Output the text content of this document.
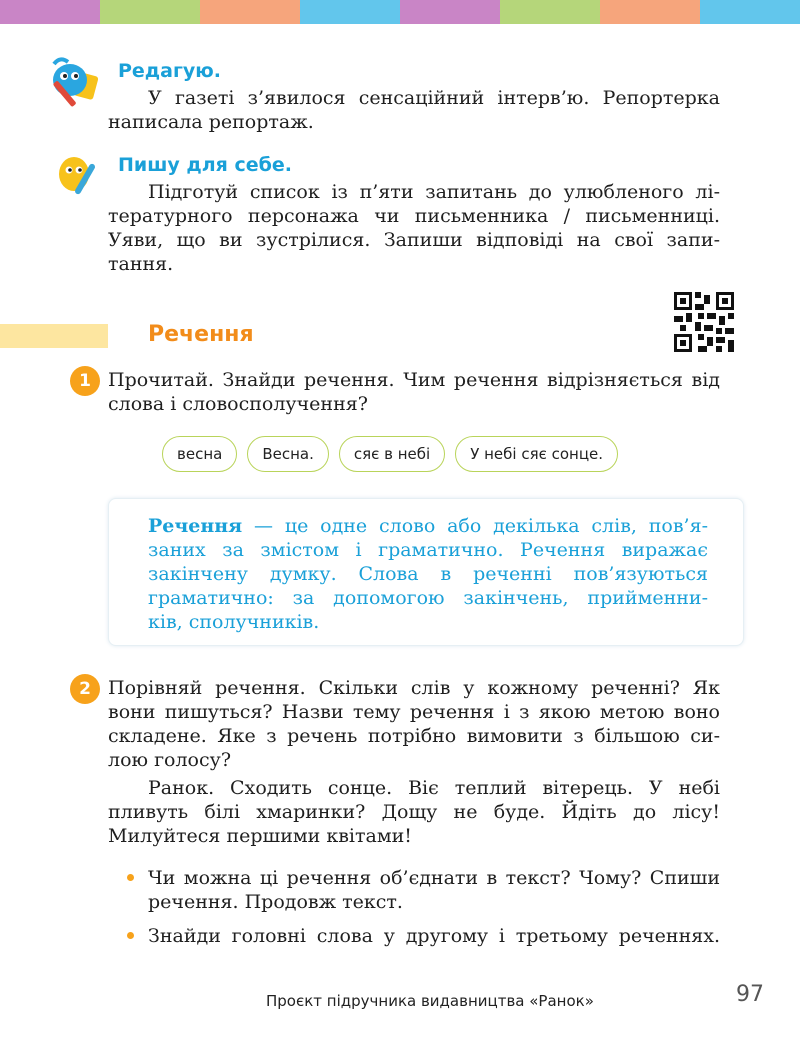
Редагую.
У газеті з’явилося сенсаційний інтерв’ю. Репортерка
написала репортаж.
Пишу для себе.
Підготуй список із п’яти запитань до улюбленого лі-
тературного персонажа чи письменника / письменниці.
Уяви, що ви зустрілися. Запиши відповіді на свої запи-
тання.
Речення
1 Прочитай. Знайди речення. Чим речення відрізняється від
слова і словосполучення?
весна	Весна.	сяє в небі	У небі сяє сонце.
Речення — це одне слово або декілька слів, пов’я-
заних за змістом і граматично. Речення виражає
закінчену думку. Слова в реченні пов’язуються
граматично: за допомогою закінчень, прийменни-
ків, сполучників.
2 Порівняй речення. Скільки слів у кожному реченні? Як
вони пишуться? Назви тему речення і з якою метою воно
складене. Яке з речень потрібно вимовити з більшою си-
лою голосу?
Ранок. Сходить сонце. Віє теплий вітерець. У небі
пливуть білі хмаринки? Дощу не буде. Йдіть до лісу!
Милуйтеся першими квітами!
Чи можна ці речення об’єднати в текст? Чому? Спиши
речення. Продовж текст.
Знайди головні слова у другому і третьому реченнях.
Проєкт підручника видавництва «Ранок»	97
